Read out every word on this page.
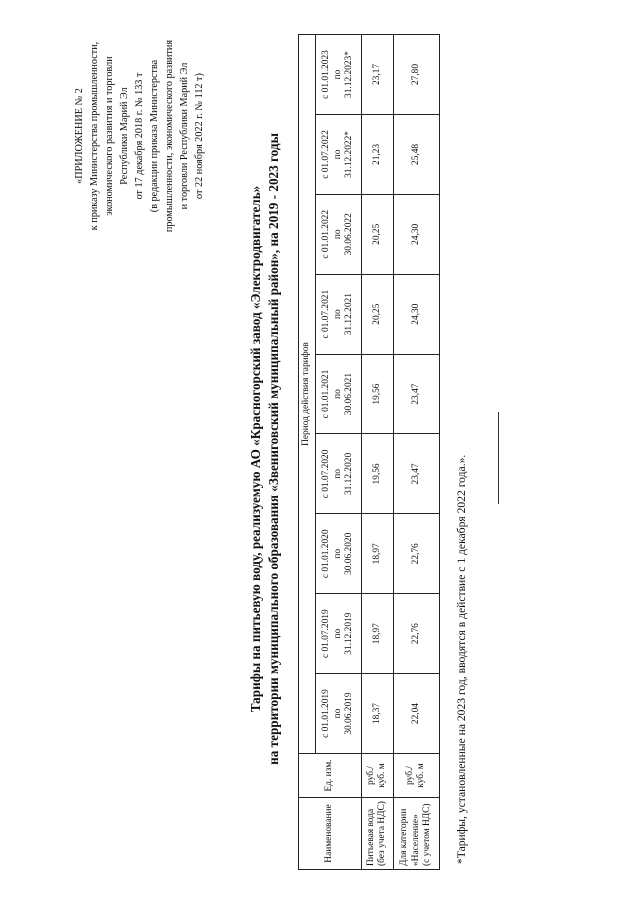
«ПРИЛОЖЕНИЕ № 2 к приказу Министерства промышленности, экономического развития и торговли Республики Марий Эл от 17 декабря 2018 г. № 133 т (в редакции приказа Министерства промышленности, экономического развития и торговли Республики Марий Эл от 22 ноября 2022 г. № 112 т)
Тарифы на питьевую воду, реализуемую АО «Красногорский завод «Электродвигатель» на территории муниципального образования «Звениговский муниципальный район», на 2019 - 2023 годы
Наименование	Ед. изм.	Период действия тарифов								

		с 01.01.2019 по 30.06.2019	с 01.07.2019 по 31.12.2019	с 01.01.2020 по 30.06.2020	с 01.07.2020 по 31.12.2020	с 01.01.2021 по 30.06.2021	с 01.07.2021 по 31.12.2021	с 01.01.2022 по 30.06.2022	с 01.07.2022 по 31.12.2022*	с 01.01.2023 по 31.12.2023*

Питьевая вода (без учета НДС)	руб./ куб. м	18,37	18,97	18,97	19,56	19,56	20,25	20,25	21,23	23,17

Для категории «Население» (с учетом НДС)	руб./ куб. м	22,04	22,76	22,76	23,47	23,47	24,30	24,30	25,48	27,80
*Тарифы, установленные на 2023 год, вводятся в действие с 1 декабря 2022 года.».
